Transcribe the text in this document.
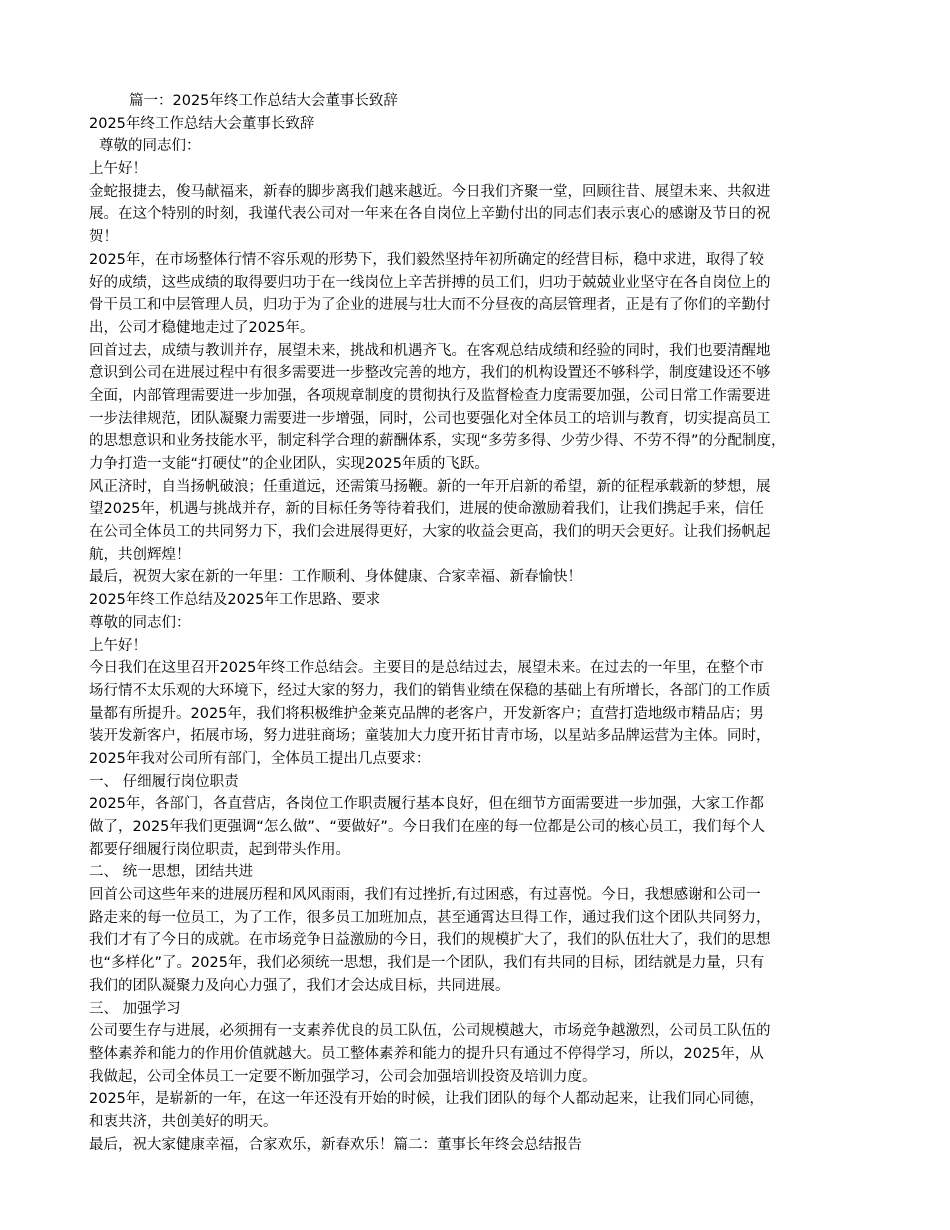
篇一：2025年终工作总结大会董事长致辞

2025年终工作总结大会董事长致辞

尊敬的同志们：

上午好！

金蛇报捷去，俊马献福来，新春的脚步离我们越来越近。今日我们齐聚一堂，回顾往昔、展望未来、共叙进

展。在这个特别的时刻，我谨代表公司对一年来在各自岗位上辛勤付出的同志们表示衷心的感谢及节日的祝

贺！

2025年，在市场整体行情不容乐观的形势下，我们毅然坚持年初所确定的经营目标，稳中求进，取得了较

好的成绩，这些成绩的取得要归功于在一线岗位上辛苦拼搏的员工们，归功于兢兢业业坚守在各自岗位上的

骨干员工和中层管理人员，归功于为了企业的进展与壮大而不分昼夜的高层管理者，正是有了你们的辛勤付

出，公司才稳健地走过了2025年。

回首过去，成绩与教训并存，展望未来，挑战和机遇齐飞。在客观总结成绩和经验的同时，我们也要清醒地

意识到公司在进展过程中有很多需要进一步整改完善的地方，我们的机构设置还不够科学，制度建设还不够

全面，内部管理需要进一步加强，各项规章制度的贯彻执行及监督检查力度需要加强，公司日常工作需要进

一步法律规范，团队凝聚力需要进一步增强，同时，公司也要强化对全体员工的培训与教育，切实提高员工

的思想意识和业务技能水平，制定科学合理的薪酬体系，实现“多劳多得、少劳少得、不劳不得”的分配制度，

力争打造一支能“打硬仗”的企业团队，实现2025年质的飞跃。

风正济时，自当扬帆破浪；任重道远，还需策马扬鞭。新的一年开启新的希望，新的征程承载新的梦想，展

望2025年，机遇与挑战并存，新的目标任务等待着我们，进展的使命激励着我们，让我们携起手来，信任

在公司全体员工的共同努力下，我们会进展得更好，大家的收益会更高，我们的明天会更好。让我们扬帆起

航，共创辉煌！

最后，祝贺大家在新的一年里：工作顺利、身体健康、合家幸福、新春愉快！

2025年终工作总结及2025年工作思路、要求

尊敬的同志们：

上午好！

今日我们在这里召开2025年终工作总结会。主要目的是总结过去，展望未来。在过去的一年里，在整个市

场行情不太乐观的大环境下，经过大家的努力，我们的销售业绩在保稳的基础上有所增长，各部门的工作质

量都有所提升。2025年，我们将积极维护金莱克品牌的老客户，开发新客户；直营打造地级市精品店；男

装开发新客户，拓展市场，努力进驻商场；童装加大力度开拓甘青市场，以星站多品牌运营为主体。同时，

2025年我对公司所有部门，全体员工提出几点要求：

一、 仔细履行岗位职责

2025年，各部门，各直营店，各岗位工作职责履行基本良好，但在细节方面需要进一步加强，大家工作都

做了，2025年我们更强调“怎么做”、“要做好”。今日我们在座的每一位都是公司的核心员工，我们每个人

都要仔细履行岗位职责，起到带头作用。

二、 统一思想，团结共进

回首公司这些年来的进展历程和风风雨雨，我们有过挫折,有过困惑，有过喜悦。今日，我想感谢和公司一

路走来的每一位员工，为了工作，很多员工加班加点，甚至通霄达旦得工作，通过我们这个团队共同努力，

我们才有了今日的成就。在市场竞争日益激励的今日，我们的规模扩大了，我们的队伍壮大了，我们的思想

也“多样化”了。2025年，我们必须统一思想，我们是一个团队，我们有共同的目标，团结就是力量，只有

我们的团队凝聚力及向心力强了，我们才会达成目标，共同进展。

三、 加强学习

公司要生存与进展，必须拥有一支素养优良的员工队伍，公司规模越大，市场竞争越激烈，公司员工队伍的

整体素养和能力的作用价值就越大。员工整体素养和能力的提升只有通过不停得学习，所以，2025年，从

我做起，公司全体员工一定要不断加强学习，公司会加强培训投资及培训力度。

2025年，是崭新的一年，在这一年还没有开始的时候，让我们团队的每个人都动起来，让我们同心同德，

和衷共济，共创美好的明天。

最后，祝大家健康幸福，合家欢乐，新春欢乐！篇二：董事长年终会总结报告
